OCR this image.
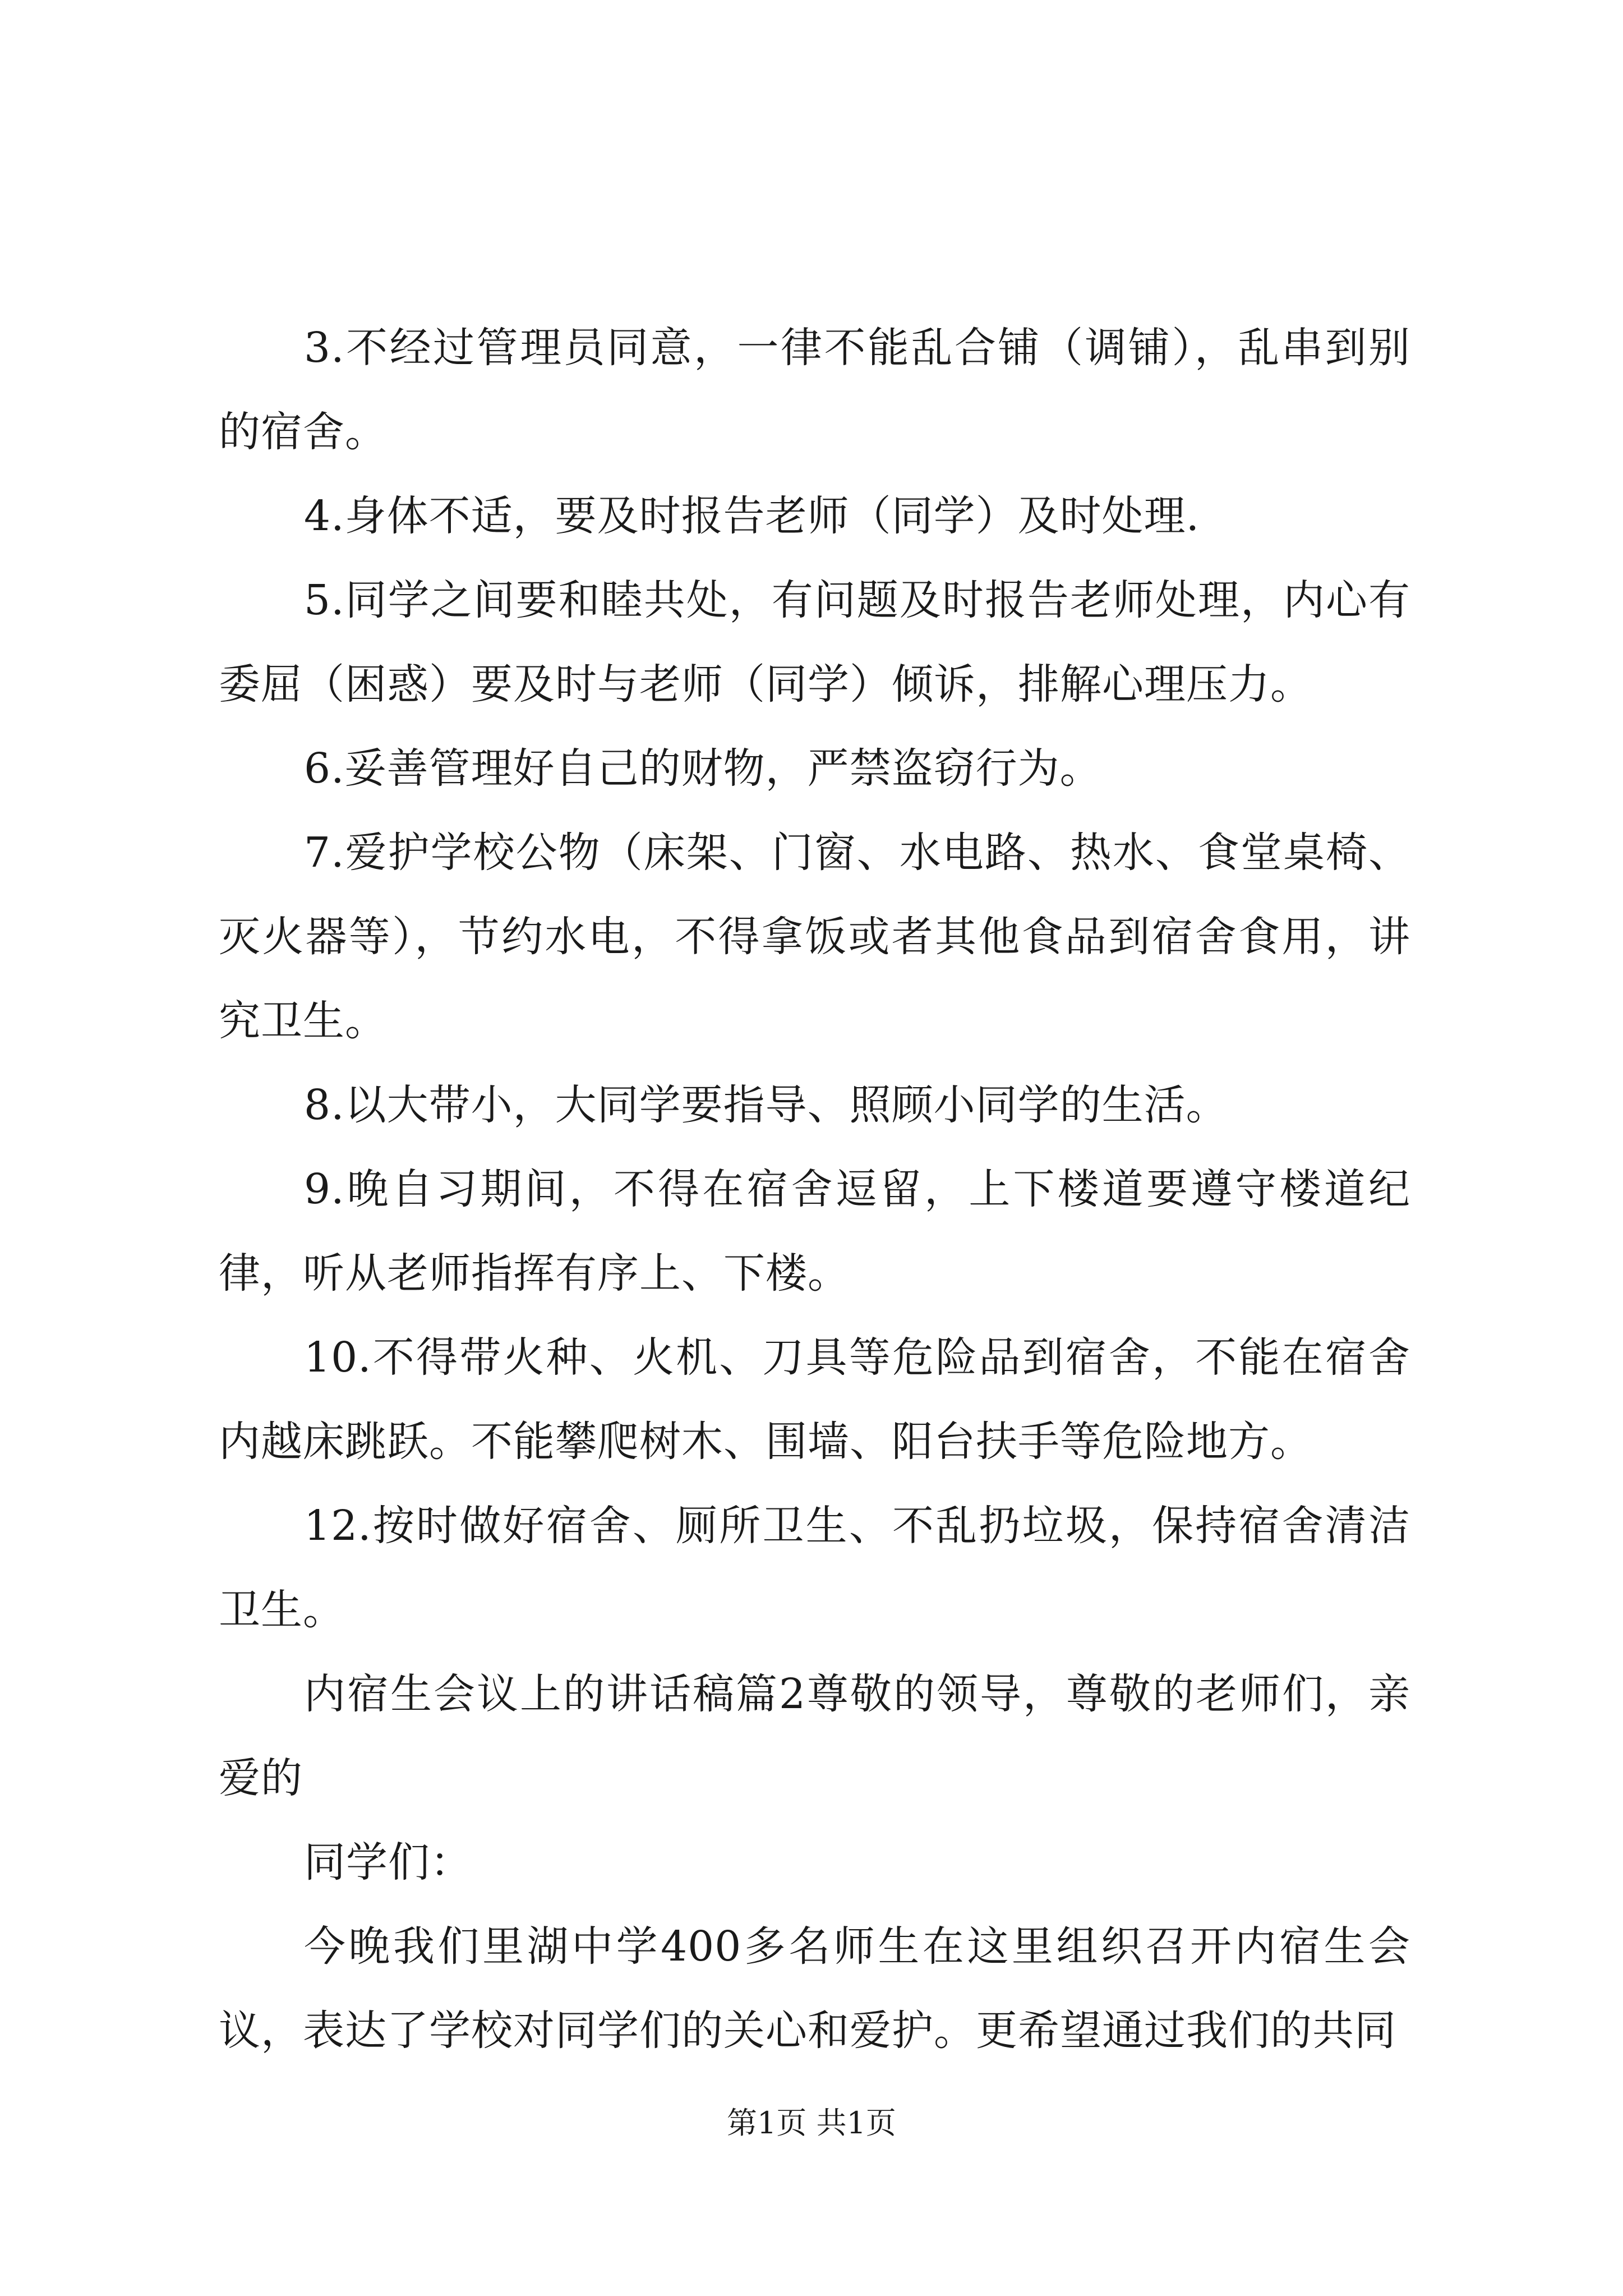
3.不经过管理员同意，一律不能乱合铺（调铺），乱串到别的宿舍。

4.身体不适，要及时报告老师（同学）及时处理.

5.同学之间要和睦共处，有问题及时报告老师处理，内心有委屈（困惑）要及时与老师（同学）倾诉，排解心理压力。

6.妥善管理好自己的财物，严禁盗窃行为。

7.爱护学校公物（床架、门窗、水电路、热水、食堂桌椅、灭火器等），节约水电，不得拿饭或者其他食品到宿舍食用，讲究卫生。

8.以大带小，大同学要指导、照顾小同学的生活。

9.晚自习期间，不得在宿舍逗留，上下楼道要遵守楼道纪律，听从老师指挥有序上、下楼。

10.不得带火种、火机、刀具等危险品到宿舍，不能在宿舍内越床跳跃。不能攀爬树木、围墙、阳台扶手等危险地方。

12.按时做好宿舍、厕所卫生、不乱扔垃圾，保持宿舍清洁卫生。

内宿生会议上的讲话稿篇2尊敬的领导，尊敬的老师们，亲爱的

同学们：

今晚我们里湖中学400多名师生在这里组织召开内宿生会议，表达了学校对同学们的关心和爱护。更希望通过我们的共同

第1页 共1页
